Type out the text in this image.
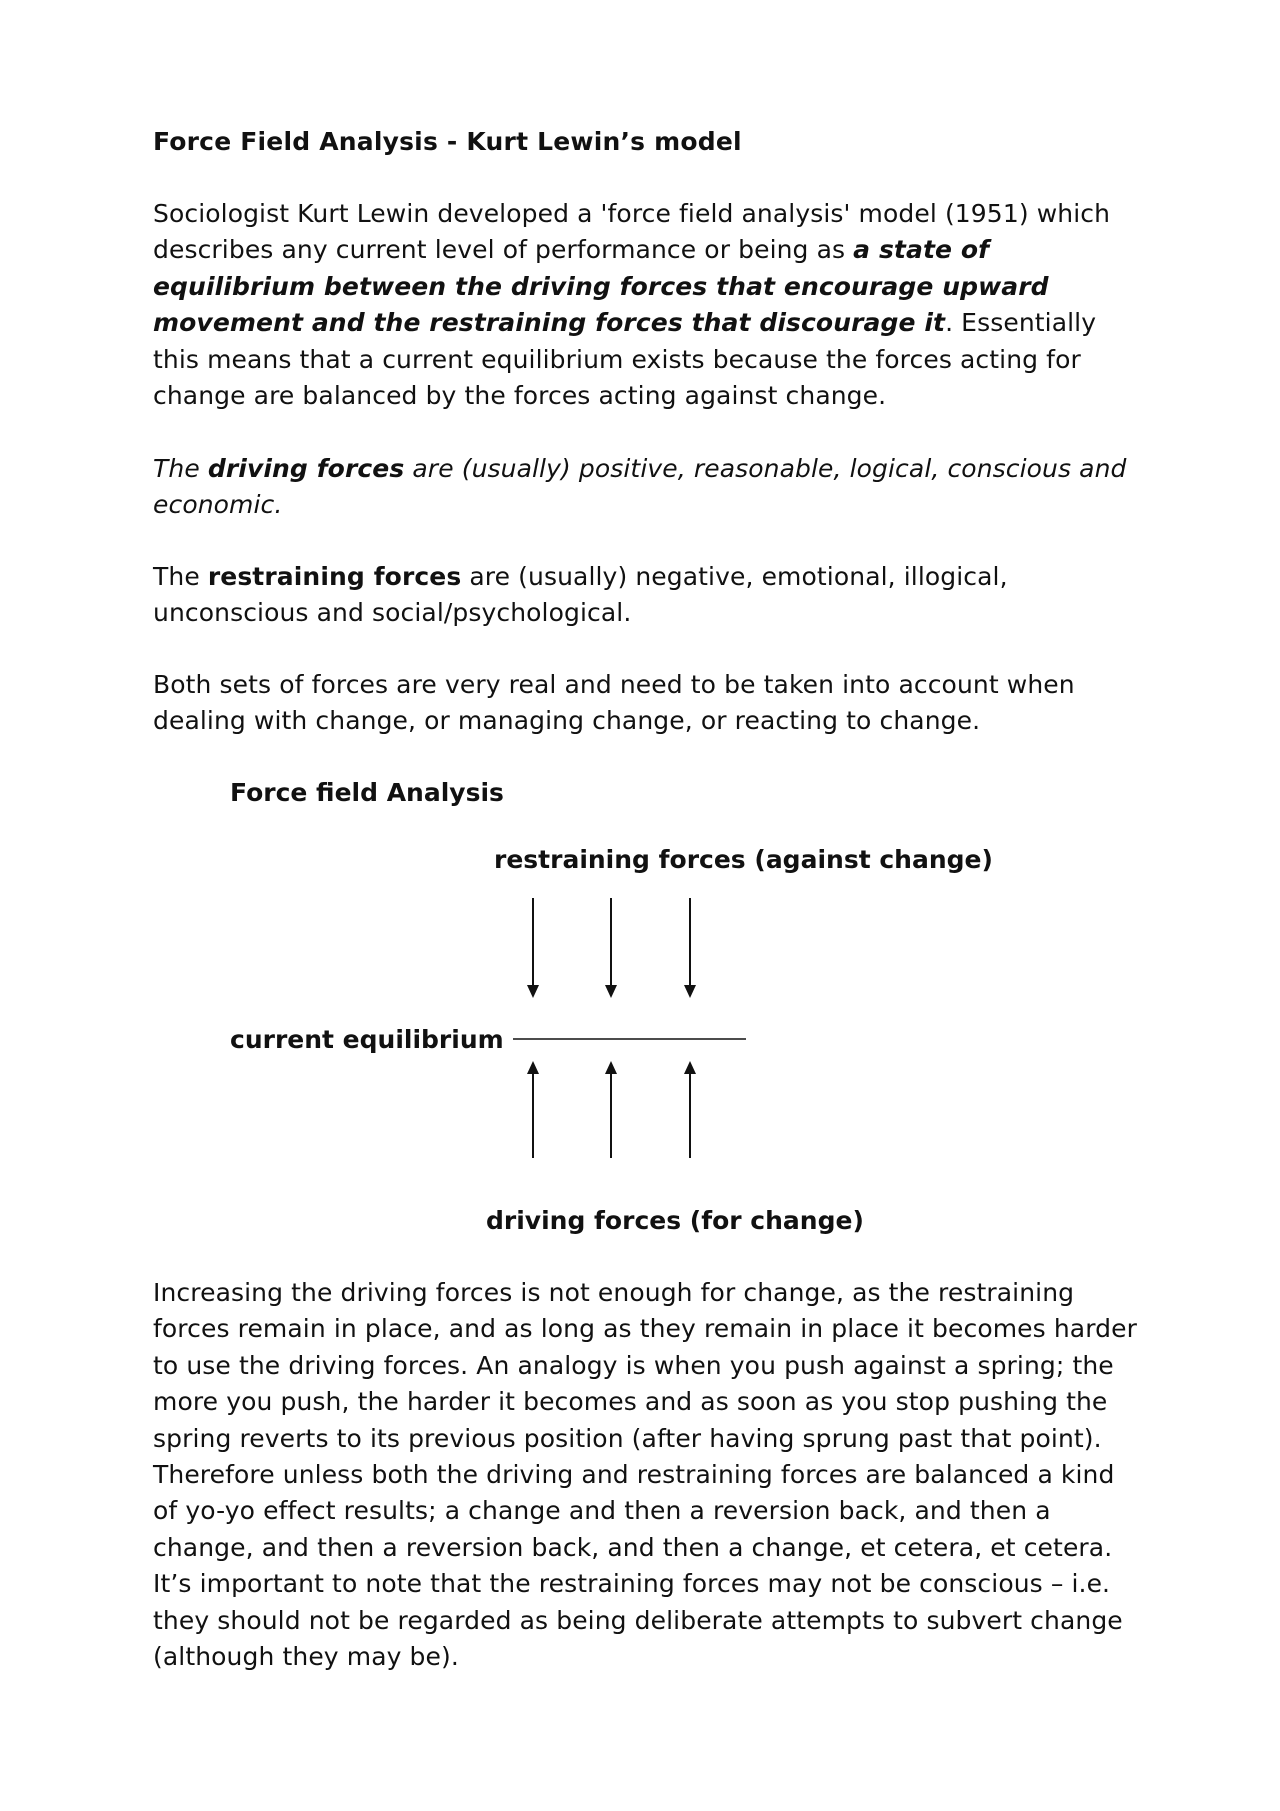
Force Field Analysis - Kurt Lewin’s model
Sociologist Kurt Lewin developed a 'force field analysis' model (1951) which describes any current level of performance or being as a state of equilibrium between the driving forces that encourage upward movement and the restraining forces that discourage it. Essentially this means that a current equilibrium exists because the forces acting for change are balanced by the forces acting against change.
The driving forces are (usually) positive, reasonable, logical, conscious and economic.
The restraining forces are (usually) negative, emotional, illogical, unconscious and social/psychological.
Both sets of forces are very real and need to be taken into account when dealing with change, or managing change, or reacting to change.
Force field Analysis
restraining forces (against change)
current equilibrium
driving forces (for change)
Increasing the driving forces is not enough for change, as the restraining forces remain in place, and as long as they remain in place it becomes harder to use the driving forces. An analogy is when you push against a spring; the more you push, the harder it becomes and as soon as you stop pushing the spring reverts to its previous position (after having sprung past that point). Therefore unless both the driving and restraining forces are balanced a kind of yo-yo effect results; a change and then a reversion back, and then a change, and then a reversion back, and then a change, et cetera, et cetera. It’s important to note that the restraining forces may not be conscious – i.e. they should not be regarded as being deliberate attempts to subvert change (although they may be).
